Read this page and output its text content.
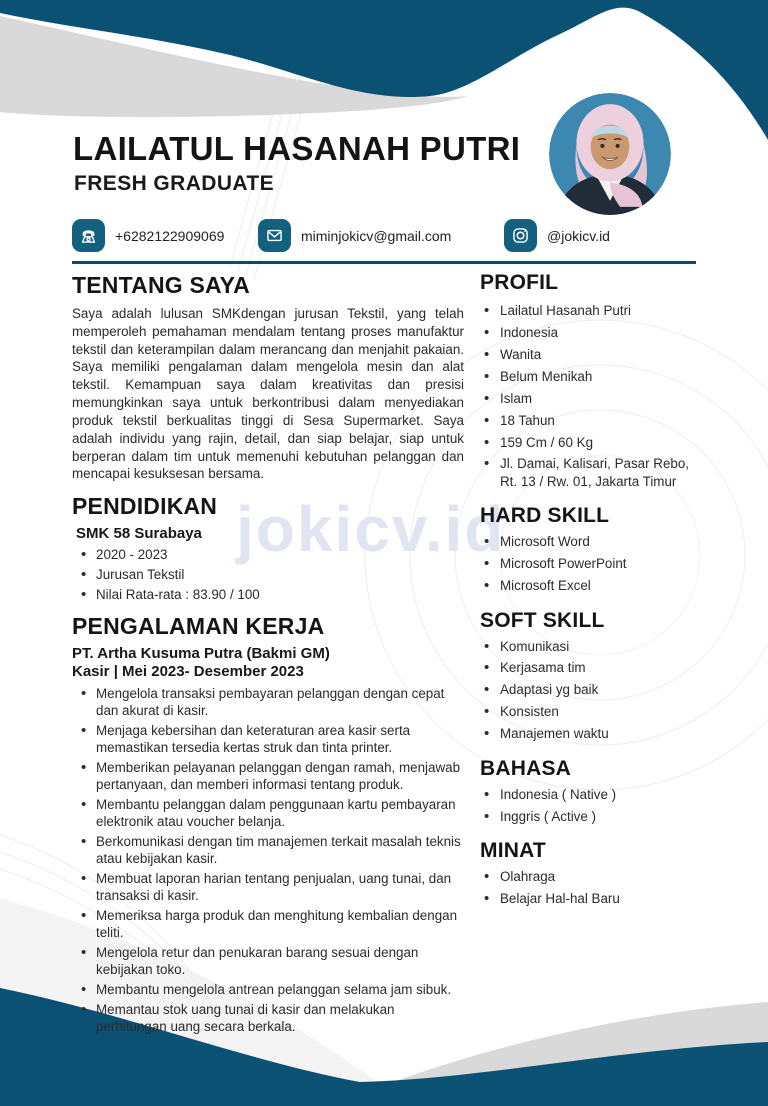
jokicv.id
LAILATUL HASANAH PUTRI
FRESH GRADUATE
+6282122909069	miminjokicv@gmail.com	@jokicv.id
TENTANG SAYA

Saya adalah lulusan SMKdengan jurusan Tekstil, yang telah memperoleh pemahaman mendalam tentang proses manufaktur tekstil dan keterampilan dalam merancang dan menjahit pakaian. Saya memiliki pengalaman dalam mengelola mesin dan alat tekstil. Kemampuan saya dalam kreativitas dan presisi memungkinkan saya untuk berkontribusi dalam menyediakan produk tekstil berkualitas tinggi di Sesa Supermarket. Saya adalah individu yang rajin, detail, dan siap belajar, siap untuk berperan dalam tim untuk memenuhi kebutuhan pelanggan dan mencapai kesuksesan bersama.

PENDIDIKAN
SMK 58 Surabaya
• 2020 - 2023
• Jurusan Tekstil
• Nilai Rata-rata : 83.90 / 100
PENGALAMAN KERJA
PT. Artha Kusuma Putra (Bakmi GM)
Kasir | Mei 2023- Desember 2023
• Mengelola transaksi pembayaran pelanggan dengan cepat dan akurat di kasir.
• Menjaga kebersihan dan keteraturan area kasir serta memastikan tersedia kertas struk dan tinta printer.
• Memberikan pelayanan pelanggan dengan ramah, menjawab pertanyaan, dan memberi informasi tentang produk.
• Membantu pelanggan dalam penggunaan kartu pembayaran elektronik atau voucher belanja.
• Berkomunikasi dengan tim manajemen terkait masalah teknis atau kebijakan kasir.
• Membuat laporan harian tentang penjualan, uang tunai, dan transaksi di kasir.
• Memeriksa harga produk dan menghitung kembalian dengan teliti.
• Mengelola retur dan penukaran barang sesuai dengan kebijakan toko.
• Membantu mengelola antrean pelanggan selama jam sibuk.
• Memantau stok uang tunai di kasir dan melakukan perhitungan uang secara berkala.
PROFIL
• Lailatul Hasanah Putri
• Indonesia
• Wanita
• Belum Menikah
• Islam
• 18 Tahun
• 159 Cm / 60 Kg
• Jl. Damai, Kalisari, Pasar Rebo, Rt. 13 / Rw. 01, Jakarta Timur
HARD SKILL
• Microsoft Word
• Microsoft PowerPoint
• Microsoft Excel
SOFT SKILL
• Komunikasi
• Kerjasama tim
• Adaptasi yg baik
• Konsisten
• Manajemen waktu
BAHASA
• Indonesia ( Native )
• Inggris ( Active )
MINAT
• Olahraga
• Belajar Hal-hal Baru
